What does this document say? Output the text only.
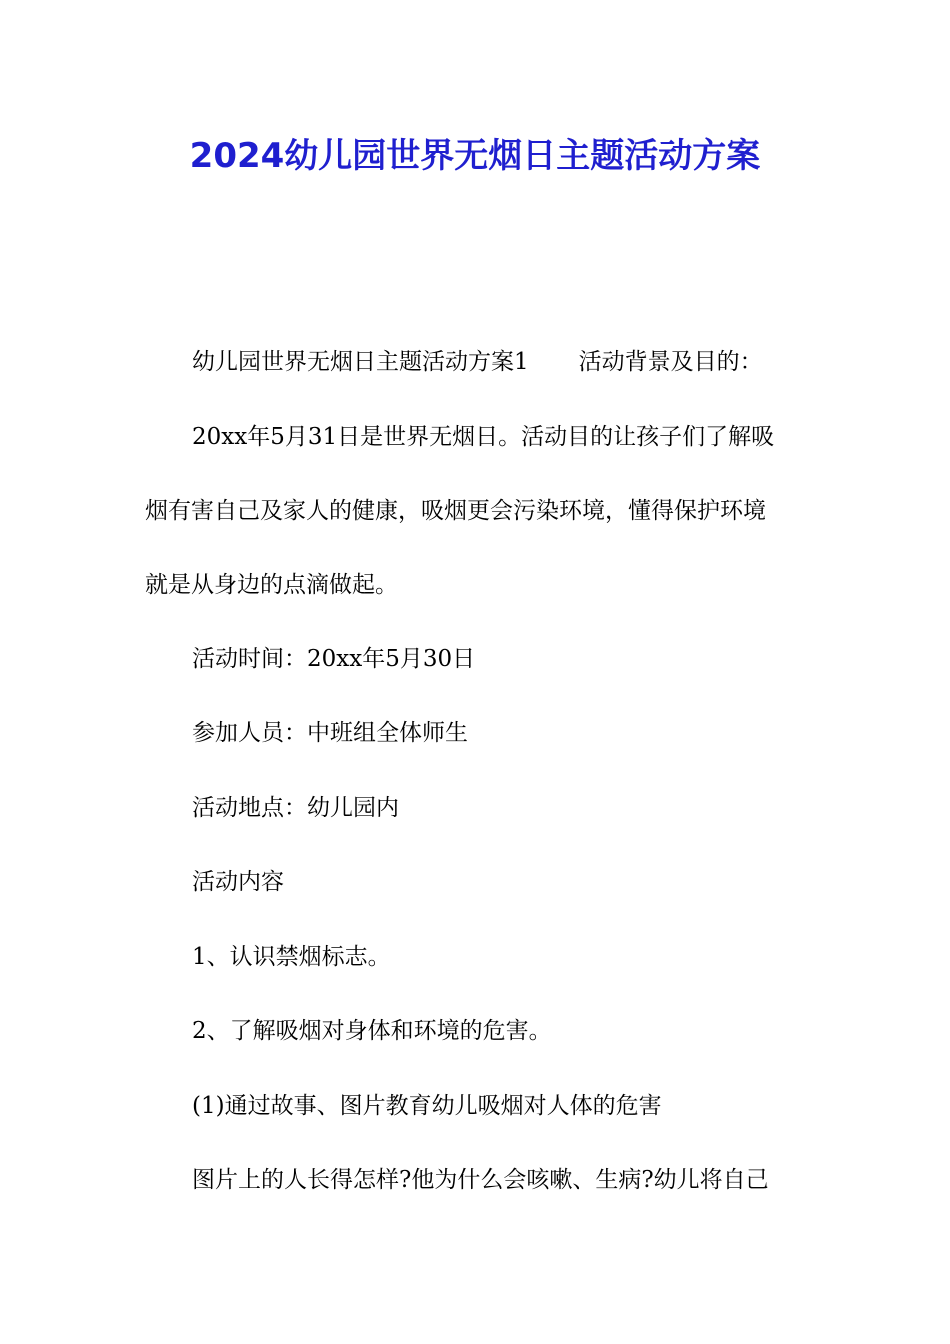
2024幼儿园世界无烟日主题活动方案
幼儿园世界无烟日主题活动方案1 活动背景及目的：
20xx年5月31日是世界无烟日。活动目的让孩子们了解吸
烟有害自己及家人的健康，吸烟更会污染环境，懂得保护环境
就是从身边的点滴做起。
活动时间：20xx年5月30日
参加人员：中班组全体师生
活动地点：幼儿园内
活动内容
1、认识禁烟标志。
2、了解吸烟对身体和环境的危害。
(1)通过故事、图片教育幼儿吸烟对人体的危害
图片上的人长得怎样?他为什么会咳嗽、生病?幼儿将自己
